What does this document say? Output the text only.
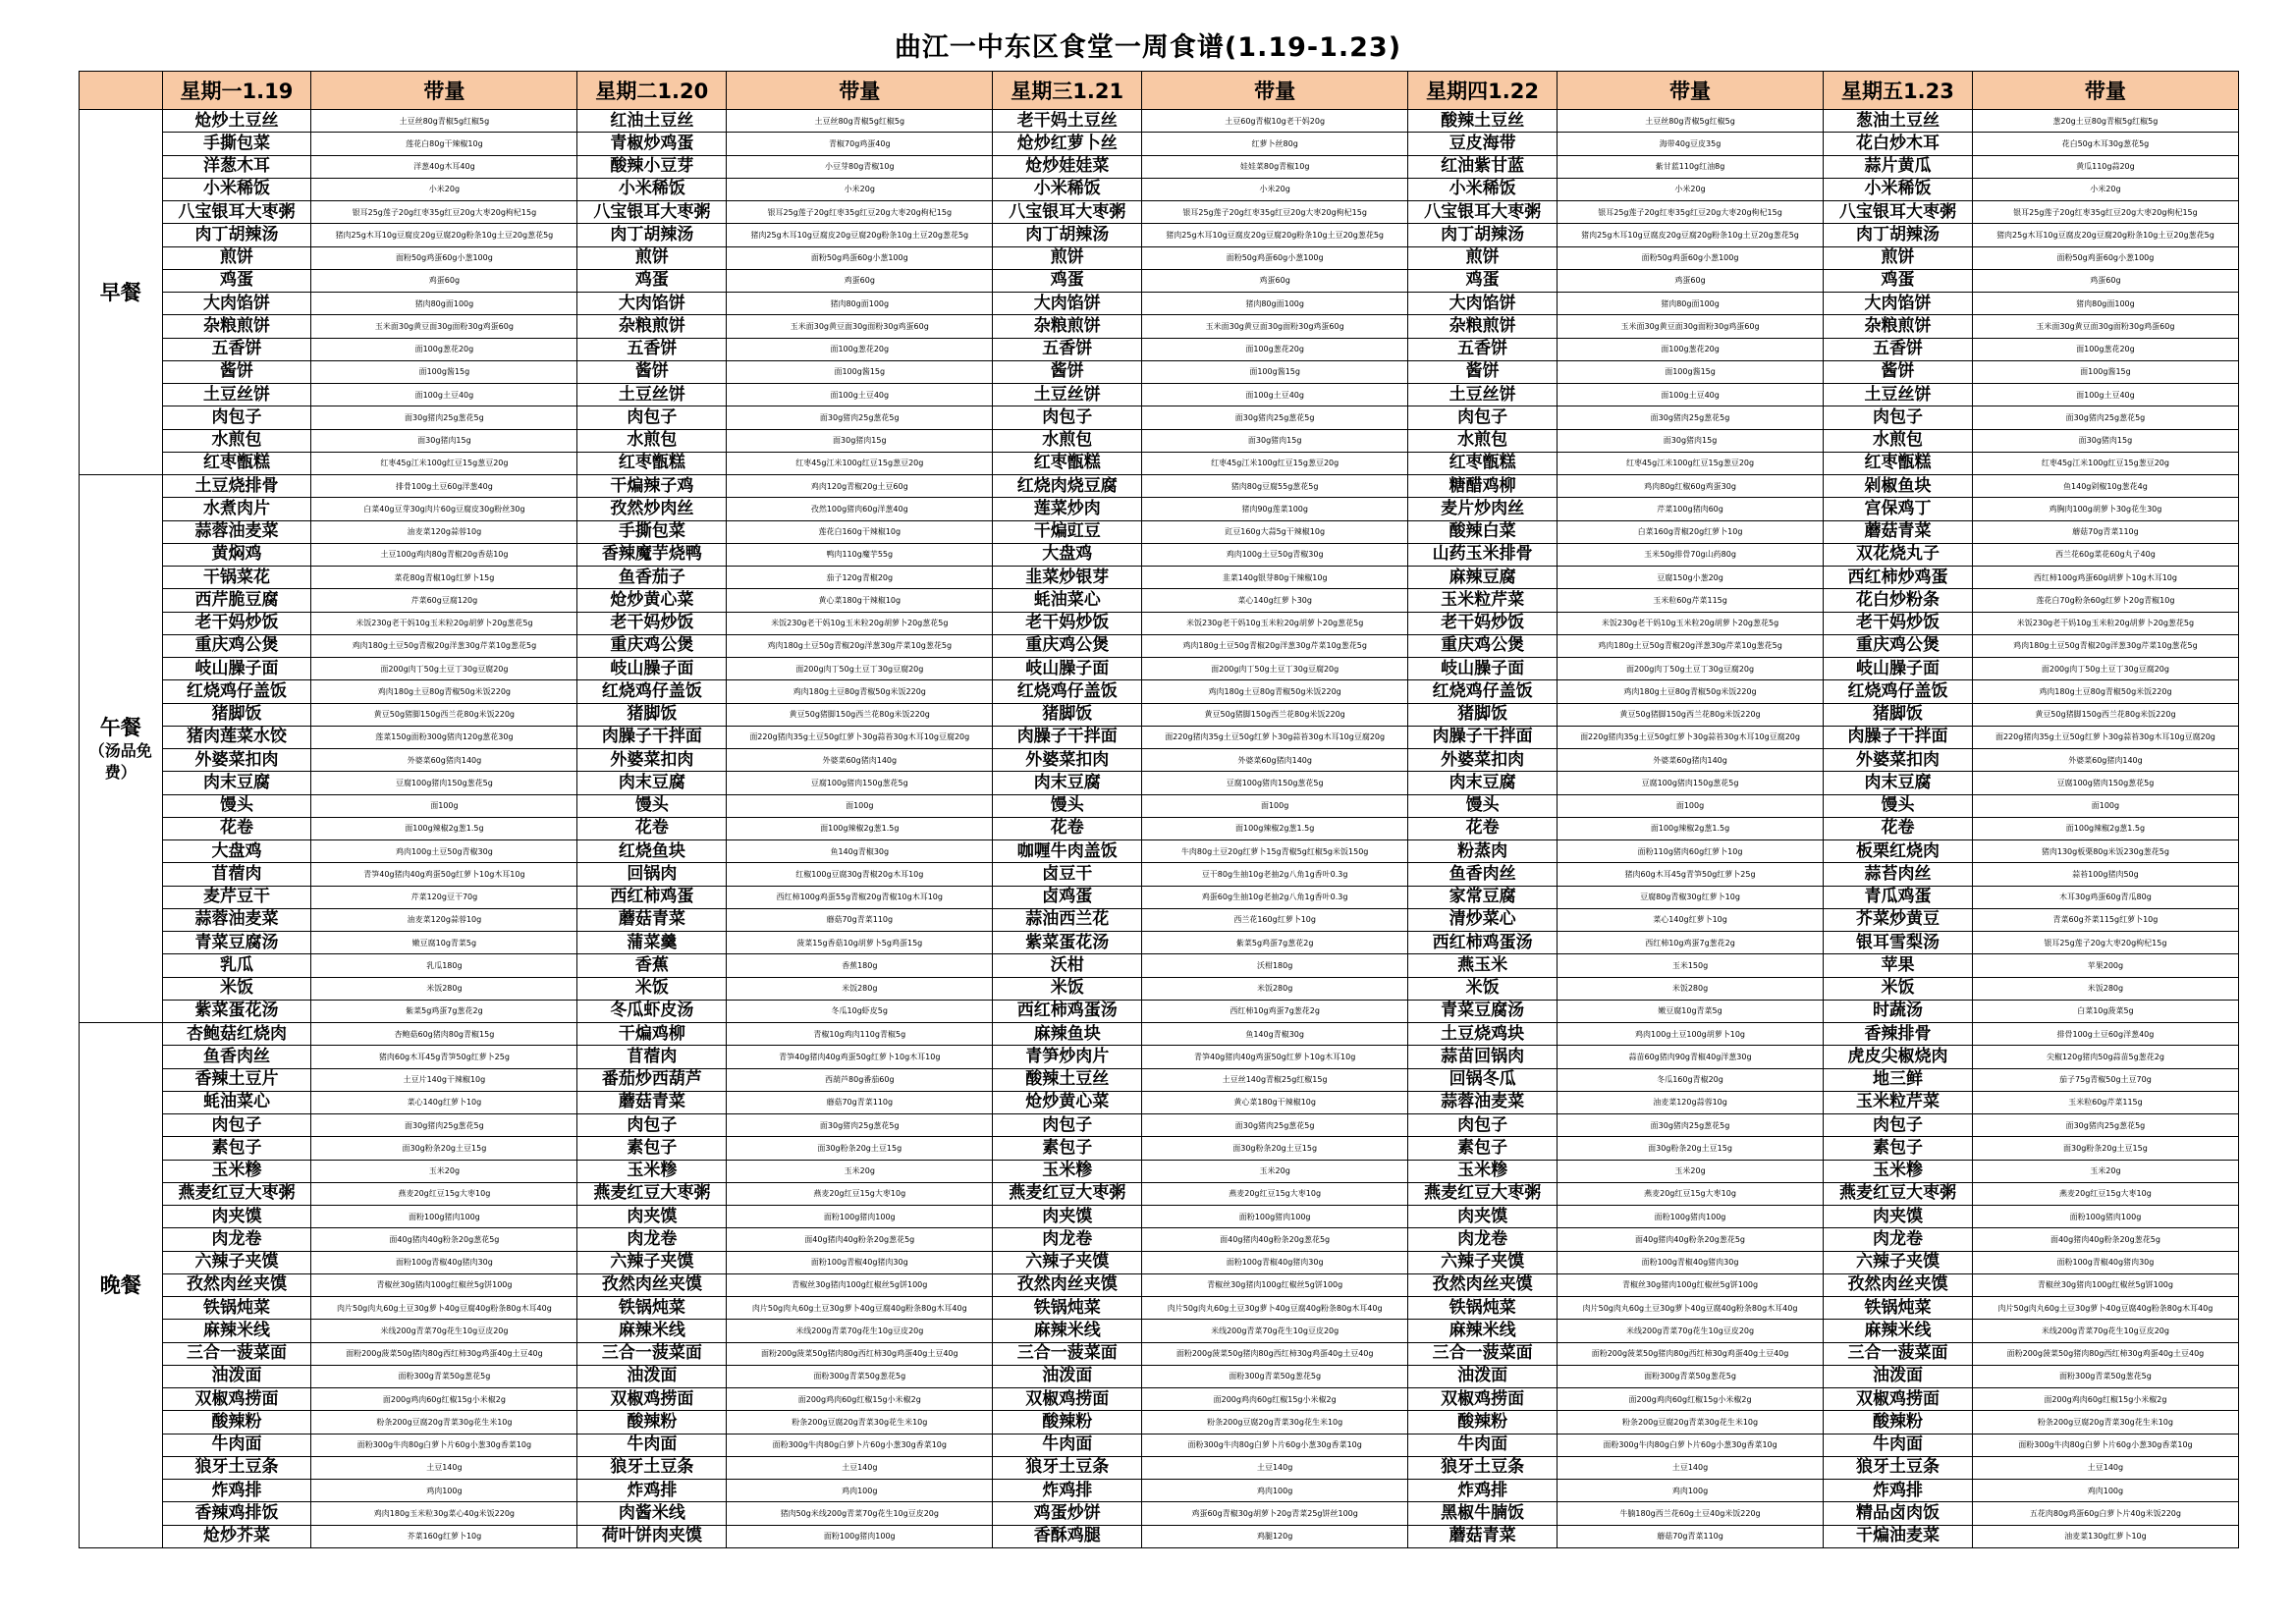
曲江一中东区食堂一周食谱(1.19-1.23)
	星期一1.19	带量	星期二1.20	带量	星期三1.21	带量	星期四1.22	带量	星期五1.23	带量
早餐	炝炒土豆丝	土豆丝80g青椒5g红椒5g	红油土豆丝	土豆丝80g青椒5g红椒5g	老干妈土豆丝	土豆60g青椒10g老干妈20g	酸辣土豆丝	土豆丝80g青椒5g红椒5g	葱油土豆丝	葱20g土豆80g青椒5g红椒5g
	手撕包菜	莲花白80g干辣椒10g	青椒炒鸡蛋	青椒70g鸡蛋40g	炝炒红萝卜丝	红萝卜丝80g	豆皮海带	海带40g豆皮35g	花白炒木耳	花白50g木耳30g葱花5g
	洋葱木耳	洋葱40g木耳40g	酸辣小豆芽	小豆芽80g青椒10g	炝炒娃娃菜	娃娃菜80g青椒10g	红油紫甘蓝	紫甘蓝110g红油8g	蒜片黄瓜	黄瓜110g蒜20g
	小米稀饭	小米20g	小米稀饭	小米20g	小米稀饭	小米20g	小米稀饭	小米20g	小米稀饭	小米20g
	八宝银耳大枣粥	银耳25g莲子20g红枣35g红豆20g大枣20g枸杞15g	八宝银耳大枣粥	银耳25g莲子20g红枣35g红豆20g大枣20g枸杞15g	八宝银耳大枣粥	银耳25g莲子20g红枣35g红豆20g大枣20g枸杞15g	八宝银耳大枣粥	银耳25g莲子20g红枣35g红豆20g大枣20g枸杞15g	八宝银耳大枣粥	银耳25g莲子20g红枣35g红豆20g大枣20g枸杞15g
	肉丁胡辣汤	猪肉25g木耳10g豆腐皮20g豆腐20g粉条10g土豆20g葱花5g	肉丁胡辣汤	猪肉25g木耳10g豆腐皮20g豆腐20g粉条10g土豆20g葱花5g	肉丁胡辣汤	猪肉25g木耳10g豆腐皮20g豆腐20g粉条10g土豆20g葱花5g	肉丁胡辣汤	猪肉25g木耳10g豆腐皮20g豆腐20g粉条10g土豆20g葱花5g	肉丁胡辣汤	猪肉25g木耳10g豆腐皮20g豆腐20g粉条10g土豆20g葱花5g
	煎饼	面粉50g鸡蛋60g小葱100g	煎饼	面粉50g鸡蛋60g小葱100g	煎饼	面粉50g鸡蛋60g小葱100g	煎饼	面粉50g鸡蛋60g小葱100g	煎饼	面粉50g鸡蛋60g小葱100g
	鸡蛋	鸡蛋60g	鸡蛋	鸡蛋60g	鸡蛋	鸡蛋60g	鸡蛋	鸡蛋60g	鸡蛋	鸡蛋60g
	大肉馅饼	猪肉80g面100g	大肉馅饼	猪肉80g面100g	大肉馅饼	猪肉80g面100g	大肉馅饼	猪肉80g面100g	大肉馅饼	猪肉80g面100g
	杂粮煎饼	玉米面30g黄豆面30g面粉30g鸡蛋60g	杂粮煎饼	玉米面30g黄豆面30g面粉30g鸡蛋60g	杂粮煎饼	玉米面30g黄豆面30g面粉30g鸡蛋60g	杂粮煎饼	玉米面30g黄豆面30g面粉30g鸡蛋60g	杂粮煎饼	玉米面30g黄豆面30g面粉30g鸡蛋60g
	五香饼	面100g葱花20g	五香饼	面100g葱花20g	五香饼	面100g葱花20g	五香饼	面100g葱花20g	五香饼	面100g葱花20g
	酱饼	面100g酱15g	酱饼	面100g酱15g	酱饼	面100g酱15g	酱饼	面100g酱15g	酱饼	面100g酱15g
	土豆丝饼	面100g土豆40g	土豆丝饼	面100g土豆40g	土豆丝饼	面100g土豆40g	土豆丝饼	面100g土豆40g	土豆丝饼	面100g土豆40g
	肉包子	面30g猪肉25g葱花5g	肉包子	面30g猪肉25g葱花5g	肉包子	面30g猪肉25g葱花5g	肉包子	面30g猪肉25g葱花5g	肉包子	面30g猪肉25g葱花5g
	水煎包	面30g猪肉15g	水煎包	面30g猪肉15g	水煎包	面30g猪肉15g	水煎包	面30g猪肉15g	水煎包	面30g猪肉15g
	红枣甑糕	红枣45g江米100g红豆15g葱豆20g	红枣甑糕	红枣45g江米100g红豆15g葱豆20g	红枣甑糕	红枣45g江米100g红豆15g葱豆20g	红枣甑糕	红枣45g江米100g红豆15g葱豆20g	红枣甑糕	红枣45g江米100g红豆15g葱豆20g
午餐
（汤品免费）	土豆烧排骨	排骨100g土豆60g洋葱40g	干煸辣子鸡	鸡肉120g青椒20g土豆60g	红烧肉烧豆腐	猪肉80g豆腐55g葱花5g	糖醋鸡柳	鸡肉80g红椒60g鸡蛋30g	剁椒鱼块	鱼140g剁椒10g葱花4g
	水煮肉片	白菜40g豆芽30g肉片60g豆腐皮30g粉丝30g	孜然炒肉丝	孜然100g猪肉60g洋葱40g	莲菜炒肉	猪肉90g莲菜100g	麦片炒肉丝	芹菜100g猪肉60g	宫保鸡丁	鸡胸肉100g胡萝卜30g花生30g
	蒜蓉油麦菜	油麦菜120g蒜蓉10g	手撕包菜	莲花白160g干辣椒10g	干煸豇豆	豇豆160g大蒜5g干辣椒10g	酸辣白菜	白菜160g青椒20g红萝卜10g	蘑菇青菜	蘑菇70g青菜110g
	黄焖鸡	土豆100g鸡肉80g青椒20g香菇10g	香辣魔芋烧鸭	鸭肉110g魔芋55g	大盘鸡	鸡肉100g土豆50g青椒30g	山药玉米排骨	玉米50g排骨70g山药80g	双花烧丸子	西兰花60g菜花60g丸子40g
	干锅菜花	菜花80g青椒10g红萝卜15g	鱼香茄子	茄子120g青椒20g	韭菜炒银芽	韭菜140g银芽80g干辣椒10g	麻辣豆腐	豆腐150g小葱20g	西红柿炒鸡蛋	西红柿100g鸡蛋60g胡萝卜10g木耳10g
	西芹脆豆腐	芹菜60g豆腐120g	炝炒黄心菜	黄心菜180g干辣椒10g	蚝油菜心	菜心140g红萝卜30g	玉米粒芹菜	玉米粒60g芹菜115g	花白炒粉条	莲花白70g粉条60g红萝卜20g青椒10g
	老干妈炒饭	米饭230g老干妈10g玉米粒20g胡萝卜20g葱花5g	老干妈炒饭	米饭230g老干妈10g玉米粒20g胡萝卜20g葱花5g	老干妈炒饭	米饭230g老干妈10g玉米粒20g胡萝卜20g葱花5g	老干妈炒饭	米饭230g老干妈10g玉米粒20g胡萝卜20g葱花5g	老干妈炒饭	米饭230g老干妈10g玉米粒20g胡萝卜20g葱花5g
	重庆鸡公煲	鸡肉180g土豆50g青椒20g洋葱30g芹菜10g葱花5g	重庆鸡公煲	鸡肉180g土豆50g青椒20g洋葱30g芹菜10g葱花5g	重庆鸡公煲	鸡肉180g土豆50g青椒20g洋葱30g芹菜10g葱花5g	重庆鸡公煲	鸡肉180g土豆50g青椒20g洋葱30g芹菜10g葱花5g	重庆鸡公煲	鸡肉180g土豆50g青椒20g洋葱30g芹菜10g葱花5g
	岐山臊子面	面200g肉丁50g土豆丁30g豆腐20g	岐山臊子面	面200g肉丁50g土豆丁30g豆腐20g	岐山臊子面	面200g肉丁50g土豆丁30g豆腐20g	岐山臊子面	面200g肉丁50g土豆丁30g豆腐20g	岐山臊子面	面200g肉丁50g土豆丁30g豆腐20g
	红烧鸡仔盖饭	鸡肉180g土豆80g青椒50g米饭220g	红烧鸡仔盖饭	鸡肉180g土豆80g青椒50g米饭220g	红烧鸡仔盖饭	鸡肉180g土豆80g青椒50g米饭220g	红烧鸡仔盖饭	鸡肉180g土豆80g青椒50g米饭220g	红烧鸡仔盖饭	鸡肉180g土豆80g青椒50g米饭220g
	猪脚饭	黄豆50g猪脚150g西兰花80g米饭220g	猪脚饭	黄豆50g猪脚150g西兰花80g米饭220g	猪脚饭	黄豆50g猪脚150g西兰花80g米饭220g	猪脚饭	黄豆50g猪脚150g西兰花80g米饭220g	猪脚饭	黄豆50g猪脚150g西兰花80g米饭220g
	猪肉莲菜水饺	莲菜150g面粉300g猪肉120g葱花30g	肉臊子干拌面	面220g猪肉35g土豆50g红萝卜30g蒜苔30g木耳10g豆腐20g	肉臊子干拌面	面220g猪肉35g土豆50g红萝卜30g蒜苔30g木耳10g豆腐20g	肉臊子干拌面	面220g猪肉35g土豆50g红萝卜30g蒜苔30g木耳10g豆腐20g	肉臊子干拌面	面220g猪肉35g土豆50g红萝卜30g蒜苔30g木耳10g豆腐20g
	外婆菜扣肉	外婆菜60g猪肉140g	外婆菜扣肉	外婆菜60g猪肉140g	外婆菜扣肉	外婆菜60g猪肉140g	外婆菜扣肉	外婆菜60g猪肉140g	外婆菜扣肉	外婆菜60g猪肉140g
	肉末豆腐	豆腐100g猪肉150g葱花5g	肉末豆腐	豆腐100g猪肉150g葱花5g	肉末豆腐	豆腐100g猪肉150g葱花5g	肉末豆腐	豆腐100g猪肉150g葱花5g	肉末豆腐	豆腐100g猪肉150g葱花5g
	馒头	面100g	馒头	面100g	馒头	面100g	馒头	面100g	馒头	面100g
	花卷	面100g辣椒2g葱1.5g	花卷	面100g辣椒2g葱1.5g	花卷	面100g辣椒2g葱1.5g	花卷	面100g辣椒2g葱1.5g	花卷	面100g辣椒2g葱1.5g
	大盘鸡	鸡肉100g土豆50g青椒30g	红烧鱼块	鱼140g青椒30g	咖喱牛肉盖饭	牛肉80g土豆20g红萝卜15g青椒5g红椒5g米饭150g	粉蒸肉	面粉110g猪肉60g红萝卜10g	板栗红烧肉	猪肉130g板栗80g米饭230g葱花5g
	苜蓿肉	青笋40g猪肉40g鸡蛋50g红萝卜10g木耳10g	回锅肉	红椒100g豆腐30g青椒20g木耳10g	卤豆干	豆干80g生抽10g老抽2g八角1g香叶0.3g	鱼香肉丝	猪肉60g木耳45g青笋50g红萝卜25g	蒜苔肉丝	蒜苔100g猪肉50g
	麦芹豆干	芹菜120g豆干70g	西红柿鸡蛋	西红柿100g鸡蛋55g青椒20g青椒10g木耳10g	卤鸡蛋	鸡蛋60g生抽10g老抽2g八角1g香叶0.3g	家常豆腐	豆腐80g青椒30g红萝卜10g	青瓜鸡蛋	木耳30g鸡蛋60g青瓜80g
	蒜蓉油麦菜	油麦菜120g蒜蓉10g	蘑菇青菜	蘑菇70g青菜110g	蒜油西兰花	西兰花160g红萝卜10g	清炒菜心	菜心140g红萝卜10g	芥菜炒黄豆	青菜60g芥菜115g红萝卜10g
	青菜豆腐汤	嫩豆腐10g青菜5g	蒲菜羹	菠菜15g香菇10g胡萝卜5g鸡蛋15g	紫菜蛋花汤	紫菜5g鸡蛋7g葱花2g	西红柿鸡蛋汤	西红柿10g鸡蛋7g葱花2g	银耳雪梨汤	银耳25g莲子20g大枣20g枸杞15g
	乳瓜	乳瓜180g	香蕉	香蕉180g	沃柑	沃柑180g	燕玉米	玉米150g	苹果	苹果200g
	米饭	米饭280g	米饭	米饭280g	米饭	米饭280g	米饭	米饭280g	米饭	米饭280g
	紫菜蛋花汤	紫菜5g鸡蛋7g葱花2g	冬瓜虾皮汤	冬瓜10g虾皮5g	西红柿鸡蛋汤	西红柿10g鸡蛋7g葱花2g	青菜豆腐汤	嫩豆腐10g青菜5g	时蔬汤	白菜10g菠菜5g
晚餐	杏鲍菇红烧肉	杏鲍菇60g猪肉80g青椒15g	干煸鸡柳	青椒10g鸡肉110g青椒5g	麻辣鱼块	鱼140g青椒30g	土豆烧鸡块	鸡肉100g土豆100g胡萝卜10g	香辣排骨	排骨100g土豆60g洋葱40g
	鱼香肉丝	猪肉60g木耳45g青笋50g红萝卜25g	苜蓿肉	青笋40g猪肉40g鸡蛋50g红萝卜10g木耳10g	青笋炒肉片	青笋40g猪肉40g鸡蛋50g红萝卜10g木耳10g	蒜苗回锅肉	蒜苗60g猪肉90g青椒40g洋葱30g	虎皮尖椒烧肉	尖椒120g猪肉50g蒜苗5g葱花2g
	香辣土豆片	土豆片140g干辣椒10g	番茄炒西葫芦	西葫芦80g番茄60g	酸辣土豆丝	土豆丝140g青椒25g红椒15g	回锅冬瓜	冬瓜160g青椒20g	地三鲜	茄子75g青椒50g土豆70g
	蚝油菜心	菜心140g红萝卜10g	蘑菇青菜	蘑菇70g青菜110g	炝炒黄心菜	黄心菜180g干辣椒10g	蒜蓉油麦菜	油麦菜120g蒜蓉10g	玉米粒芹菜	玉米粒60g芹菜115g
	肉包子	面30g猪肉25g葱花5g	肉包子	面30g猪肉25g葱花5g	肉包子	面30g猪肉25g葱花5g	肉包子	面30g猪肉25g葱花5g	肉包子	面30g猪肉25g葱花5g
	素包子	面30g粉条20g土豆15g	素包子	面30g粉条20g土豆15g	素包子	面30g粉条20g土豆15g	素包子	面30g粉条20g土豆15g	素包子	面30g粉条20g土豆15g
	玉米糁	玉米20g	玉米糁	玉米20g	玉米糁	玉米20g	玉米糁	玉米20g	玉米糁	玉米20g
	燕麦红豆大枣粥	燕麦20g红豆15g大枣10g	燕麦红豆大枣粥	燕麦20g红豆15g大枣10g	燕麦红豆大枣粥	燕麦20g红豆15g大枣10g	燕麦红豆大枣粥	燕麦20g红豆15g大枣10g	燕麦红豆大枣粥	燕麦20g红豆15g大枣10g
	肉夹馍	面粉100g猪肉100g	肉夹馍	面粉100g猪肉100g	肉夹馍	面粉100g猪肉100g	肉夹馍	面粉100g猪肉100g	肉夹馍	面粉100g猪肉100g
	肉龙卷	面40g猪肉40g粉条20g葱花5g	肉龙卷	面40g猪肉40g粉条20g葱花5g	肉龙卷	面40g猪肉40g粉条20g葱花5g	肉龙卷	面40g猪肉40g粉条20g葱花5g	肉龙卷	面40g猪肉40g粉条20g葱花5g
	六辣子夹馍	面粉100g青椒40g猪肉30g	六辣子夹馍	面粉100g青椒40g猪肉30g	六辣子夹馍	面粉100g青椒40g猪肉30g	六辣子夹馍	面粉100g青椒40g猪肉30g	六辣子夹馍	面粉100g青椒40g猪肉30g
	孜然肉丝夹馍	青椒丝30g猪肉100g红椒丝5g饼100g	孜然肉丝夹馍	青椒丝30g猪肉100g红椒丝5g饼100g	孜然肉丝夹馍	青椒丝30g猪肉100g红椒丝5g饼100g	孜然肉丝夹馍	青椒丝30g猪肉100g红椒丝5g饼100g	孜然肉丝夹馍	青椒丝30g猪肉100g红椒丝5g饼100g
	铁锅炖菜	肉片50g肉丸60g土豆30g萝卜40g豆腐40g粉条80g木耳40g	铁锅炖菜	肉片50g肉丸60g土豆30g萝卜40g豆腐40g粉条80g木耳40g	铁锅炖菜	肉片50g肉丸60g土豆30g萝卜40g豆腐40g粉条80g木耳40g	铁锅炖菜	肉片50g肉丸60g土豆30g萝卜40g豆腐40g粉条80g木耳40g	铁锅炖菜	肉片50g肉丸60g土豆30g萝卜40g豆腐40g粉条80g木耳40g
	麻辣米线	米线200g青菜70g花生10g豆皮20g	麻辣米线	米线200g青菜70g花生10g豆皮20g	麻辣米线	米线200g青菜70g花生10g豆皮20g	麻辣米线	米线200g青菜70g花生10g豆皮20g	麻辣米线	米线200g青菜70g花生10g豆皮20g
	三合一菠菜面	面粉200g菠菜50g猪肉80g西红柿30g鸡蛋40g土豆40g	三合一菠菜面	面粉200g菠菜50g猪肉80g西红柿30g鸡蛋40g土豆40g	三合一菠菜面	面粉200g菠菜50g猪肉80g西红柿30g鸡蛋40g土豆40g	三合一菠菜面	面粉200g菠菜50g猪肉80g西红柿30g鸡蛋40g土豆40g	三合一菠菜面	面粉200g菠菜50g猪肉80g西红柿30g鸡蛋40g土豆40g
	油泼面	面粉300g青菜50g葱花5g	油泼面	面粉300g青菜50g葱花5g	油泼面	面粉300g青菜50g葱花5g	油泼面	面粉300g青菜50g葱花5g	油泼面	面粉300g青菜50g葱花5g
	双椒鸡捞面	面200g鸡肉60g红椒15g小米椒2g	双椒鸡捞面	面200g鸡肉60g红椒15g小米椒2g	双椒鸡捞面	面200g鸡肉60g红椒15g小米椒2g	双椒鸡捞面	面200g鸡肉60g红椒15g小米椒2g	双椒鸡捞面	面200g鸡肉60g红椒15g小米椒2g
	酸辣粉	粉条200g豆腐20g青菜30g花生米10g	酸辣粉	粉条200g豆腐20g青菜30g花生米10g	酸辣粉	粉条200g豆腐20g青菜30g花生米10g	酸辣粉	粉条200g豆腐20g青菜30g花生米10g	酸辣粉	粉条200g豆腐20g青菜30g花生米10g
	牛肉面	面粉300g牛肉80g白萝卜片60g小葱30g香菜10g	牛肉面	面粉300g牛肉80g白萝卜片60g小葱30g香菜10g	牛肉面	面粉300g牛肉80g白萝卜片60g小葱30g香菜10g	牛肉面	面粉300g牛肉80g白萝卜片60g小葱30g香菜10g	牛肉面	面粉300g牛肉80g白萝卜片60g小葱30g香菜10g
	狼牙土豆条	土豆140g	狼牙土豆条	土豆140g	狼牙土豆条	土豆140g	狼牙土豆条	土豆140g	狼牙土豆条	土豆140g
	炸鸡排	鸡肉100g	炸鸡排	鸡肉100g	炸鸡排	鸡肉100g	炸鸡排	鸡肉100g	炸鸡排	鸡肉100g
	香辣鸡排饭	鸡肉180g玉米粒30g菜心40g米饭220g	肉酱米线	猪肉50g米线200g青菜70g花生10g豆皮20g	鸡蛋炒饼	鸡蛋60g青椒30g胡萝卜20g青菜25g饼丝100g	黑椒牛腩饭	牛腩180g西兰花60g土豆40g米饭220g	精品卤肉饭	五花肉80g鸡蛋60g白萝卜片40g米饭220g
	炝炒芥菜	芥菜160g红萝卜10g	荷叶饼肉夹馍	面粉100g猪肉100g	香酥鸡腿	鸡腿120g	蘑菇青菜	蘑菇70g青菜110g	干煸油麦菜	油麦菜130g红萝卜10g
